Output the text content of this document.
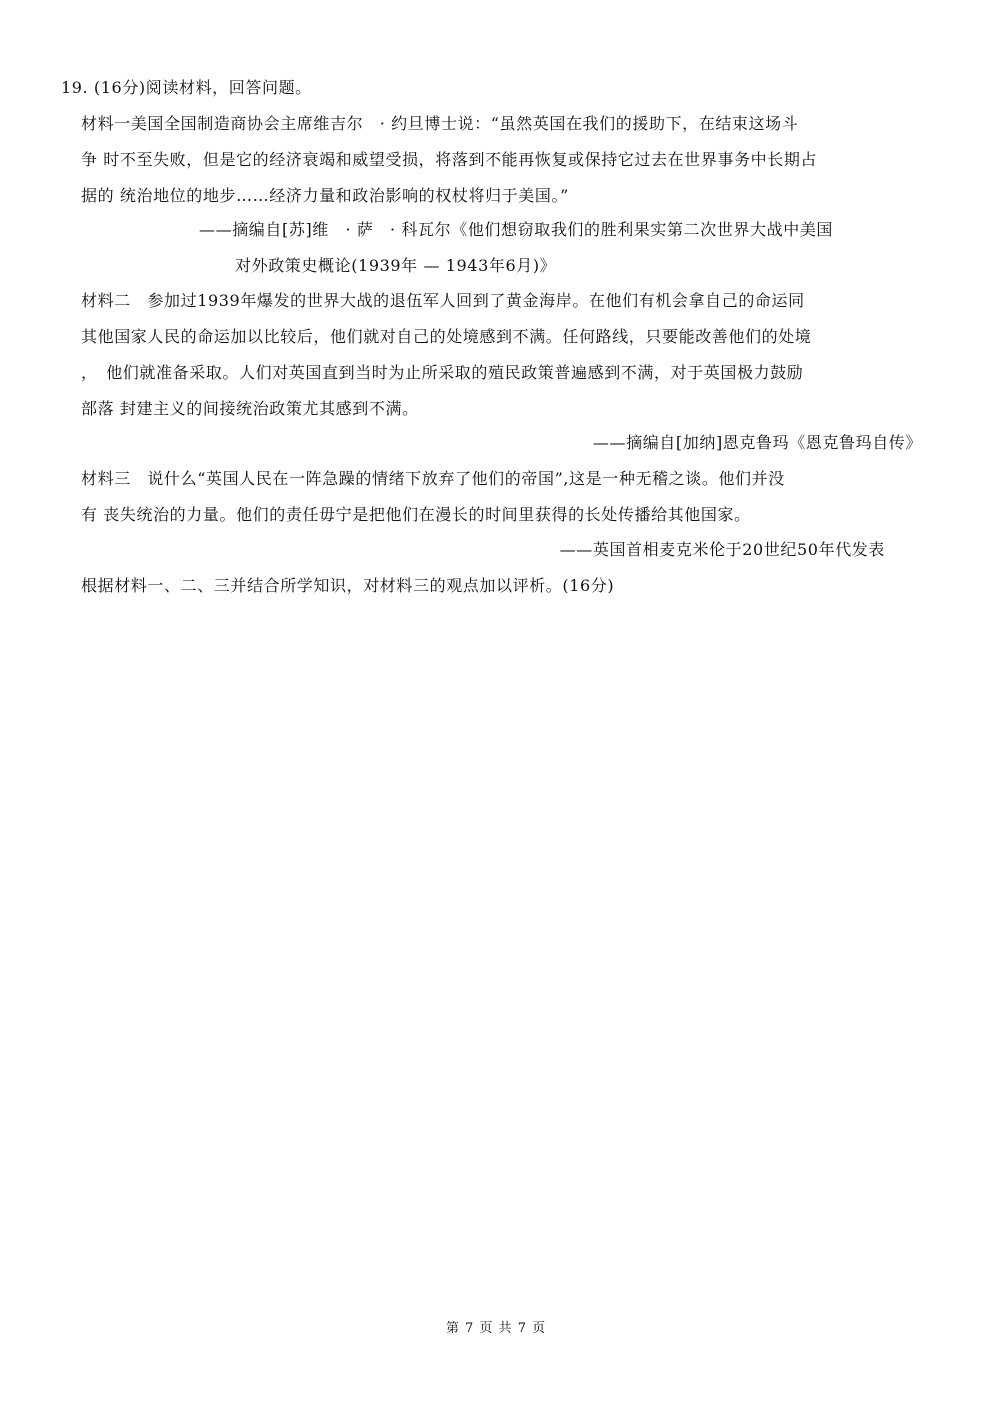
19. (16分)阅读材料，回答问题。
材料一美国全国制造商协会主席维吉尔　· 约旦博士说：“虽然英国在我们的援助下，在结束这场斗
争 时不至失败，但是它的经济衰竭和威望受损，将落到不能再恢复或保持它过去在世界事务中长期占
据的 统治地位的地步……经济力量和政治影响的权杖将归于美国。”
——摘编自[苏]维　· 萨　· 科瓦尔《他们想窃取我们的胜利果实第二次世界大战中美国
对外政策史概论(1939年 — 1943年6月)》
材料二　参加过1939年爆发的世界大战的退伍军人回到了黄金海岸。在他们有机会拿自己的命运同
其他国家人民的命运加以比较后，他们就对自己的处境感到不满。任何路线，只要能改善他们的处境
，　他们就准备采取。人们对英国直到当时为止所采取的殖民政策普遍感到不满，对于英国极力鼓励
部落 封建主义的间接统治政策尤其感到不满。
——摘编自[加纳]恩克鲁玛《恩克鲁玛自传》
材料三　说什么“英国人民在一阵急躁的情绪下放弃了他们的帝国”,这是一种无稽之谈。他们并没
有 丧失统治的力量。他们的责任毋宁是把他们在漫长的时间里获得的长处传播给其他国家。
——英国首相麦克米伦于20世纪50年代发表
根据材料一、二、三并结合所学知识，对材料三的观点加以评析。(16分)
第 7 页 共 7 页
